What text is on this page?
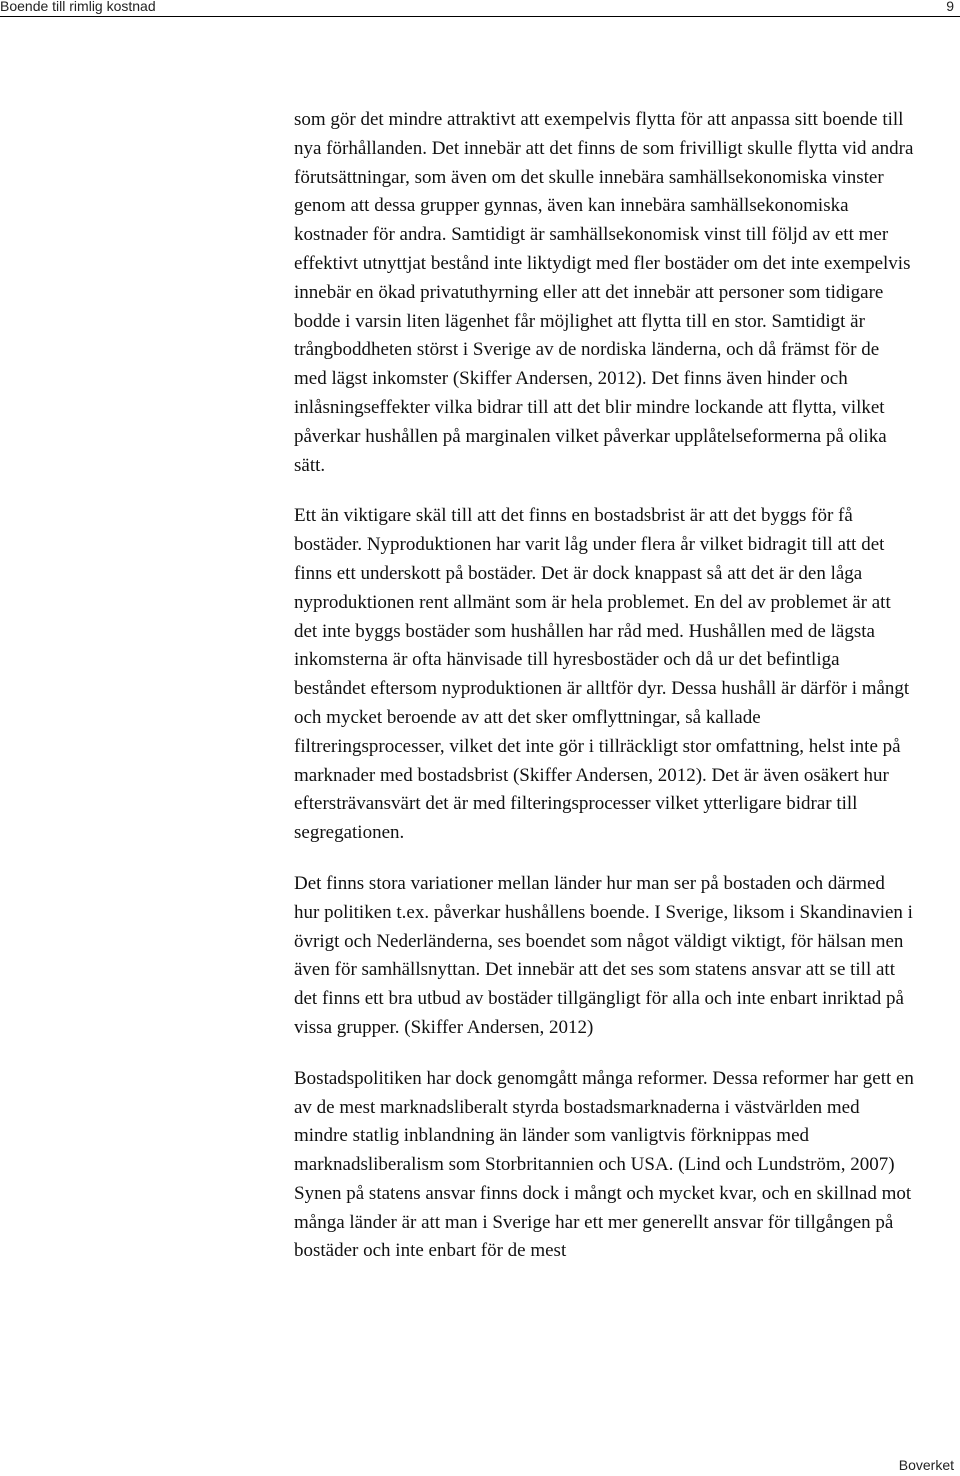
Boende till rimlig kostnad	9

som gör det mindre attraktivt att exempelvis flytta för att anpassa sitt boende till nya förhållanden. Det innebär att det finns de som frivilligt skulle flytta vid andra förutsättningar, som även om det skulle innebära samhällsekonomiska vinster genom att dessa grupper gynnas, även kan innebära samhällsekonomiska kostnader för andra. Samtidigt är samhällsekonomisk vinst till följd av ett mer effektivt utnyttjat bestånd inte liktydigt med fler bostäder om det inte exempelvis innebär en ökad privatuthyrning eller att det innebär att personer som tidigare bodde i varsin liten lägenhet får möjlighet att flytta till en stor. Samtidigt är trångboddheten störst i Sverige av de nordiska länderna, och då främst för de med lägst inkomster (Skiffer Andersen, 2012). Det finns även hinder och inlåsningseffekter vilka bidrar till att det blir mindre lockande att flytta, vilket påverkar hushållen på marginalen vilket påverkar upplåtelseformerna på olika sätt.

Ett än viktigare skäl till att det finns en bostadsbrist är att det byggs för få bostäder. Nyproduktionen har varit låg under flera år vilket bidragit till att det finns ett underskott på bostäder. Det är dock knappast så att det är den låga nyproduktionen rent allmänt som är hela problemet. En del av problemet är att det inte byggs bostäder som hushållen har råd med. Hushållen med de lägsta inkomsterna är ofta hänvisade till hyresbostäder och då ur det befintliga beståndet eftersom nyproduktionen är alltför dyr. Dessa hushåll är därför i mångt och mycket beroende av att det sker omflyttningar, så kallade filtreringsprocesser, vilket det inte gör i tillräckligt stor omfattning, helst inte på marknader med bostadsbrist (Skiffer Andersen, 2012). Det är även osäkert hur eftersträvansvärt det är med filteringsprocesser vilket ytterligare bidrar till segregationen.

Det finns stora variationer mellan länder hur man ser på bostaden och därmed hur politiken t.ex. påverkar hushållens boende. I Sverige, liksom i Skandinavien i övrigt och Nederländerna, ses boendet som något väldigt viktigt, för hälsan men även för samhällsnyttan. Det innebär att det ses som statens ansvar att se till att det finns ett bra utbud av bostäder tillgängligt för alla och inte enbart inriktad på vissa grupper. (Skiffer Andersen, 2012)

Bostadspolitiken har dock genomgått många reformer. Dessa reformer har gett en av de mest marknadsliberalt styrda bostadsmarknaderna i västvärlden med mindre statlig inblandning än länder som vanligtvis förknippas med marknadsliberalism som Storbritannien och USA. (Lind och Lundström, 2007) Synen på statens ansvar finns dock i mångt och mycket kvar, och en skillnad mot många länder är att man i Sverige har ett mer generellt ansvar för tillgången på bostäder och inte enbart för de mest

Boverket
